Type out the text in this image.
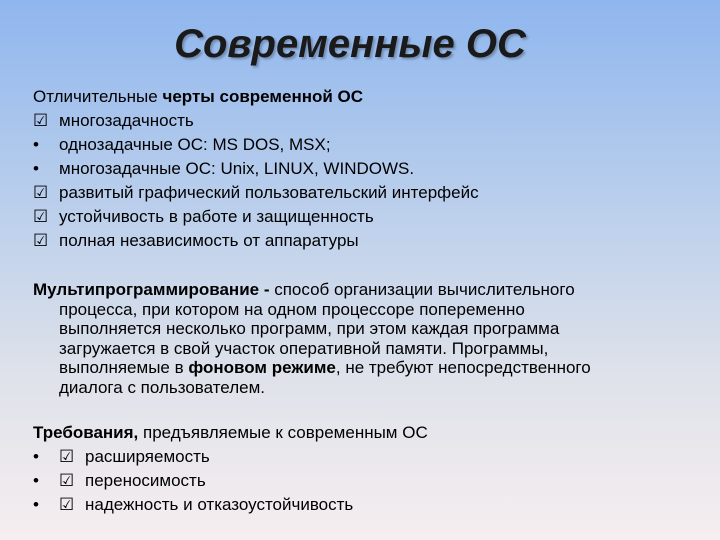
Современные ОС
Отличительные черты современной ОС
☑ многозадачность
• однозадачные ОС: MS DOS, MSX;
• многозадачные ОС: Unix, LINUX, WINDOWS.
☑ развитый графический пользовательский интерфейс
☑ устойчивость в работе и защищенность
☑ полная независимость от аппаратуры
Мультипрограммирование - способ организации вычислительного
процесса, при котором на одном процессоре попеременно
выполняется несколько программ, при этом каждая программа
загружается в свой участок оперативной памяти. Программы,
выполняемые в фоновом режиме, не требуют непосредственного
диалога с пользователем.
Требования, предъявляемые к современным ОС
• ☑ расширяемость
• ☑ переносимость
• ☑ надежность и отказоустойчивость
